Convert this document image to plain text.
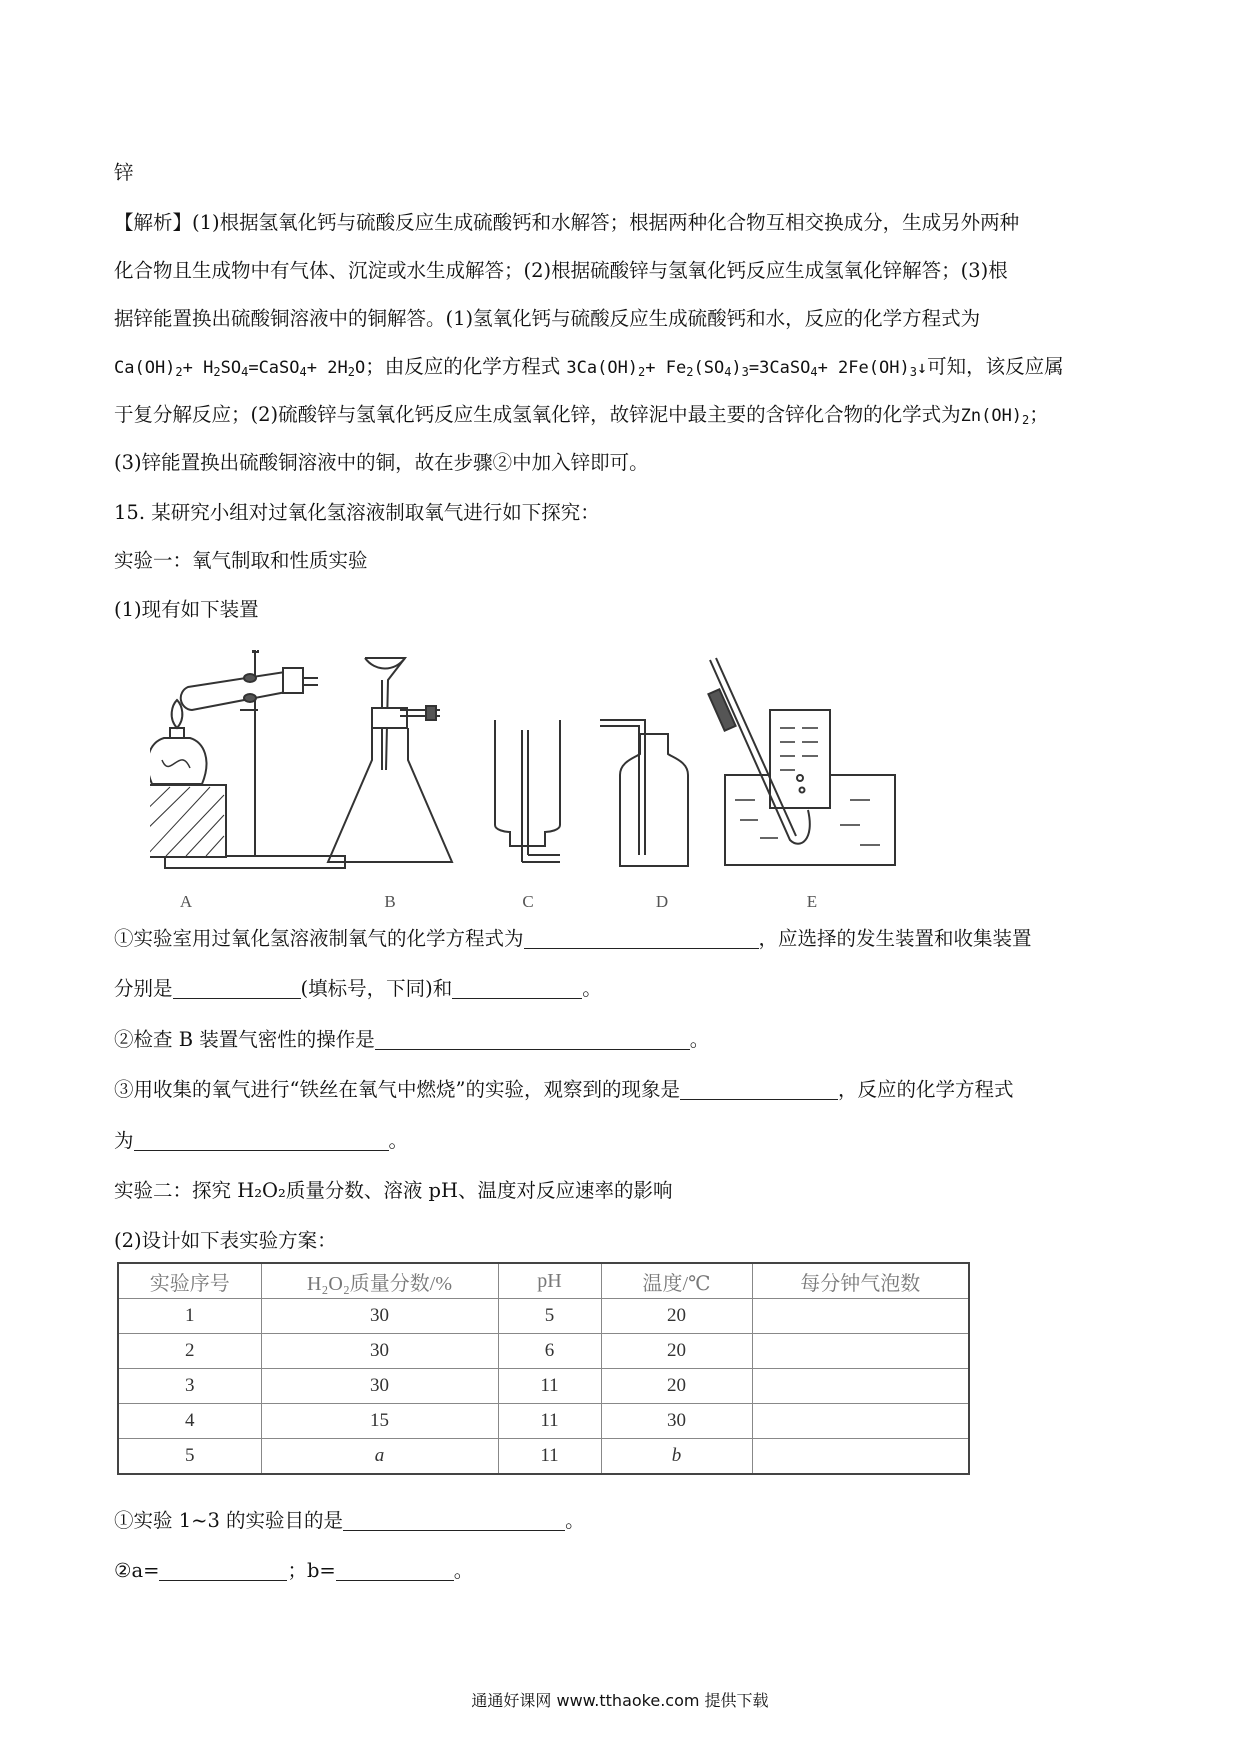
锌
【解析】(1)根据氢氧化钙与硫酸反应生成硫酸钙和水解答；根据两种化合物互相交换成分，生成另外两种
化合物且生成物中有气体、沉淀或水生成解答；(2)根据硫酸锌与氢氧化钙反应生成氢氧化锌解答；(3)根
据锌能置换出硫酸铜溶液中的铜解答。(1)氢氧化钙与硫酸反应生成硫酸钙和水，反应的化学方程式为
$Ca(OH)_2+$ $H_2SO_4=CaSO_4+ 2H_2O$；由反应的化学方程式 $3Ca(OH)_2+$ $Fe_2(SO_4)_3=3CaSO_4+$ $2Fe(OH)_3↓$可知，该反应属
于复分解反应；(2)硫酸锌与氢氧化钙反应生成氢氧化锌，故锌泥中最主要的含锌化合物的化学式为$Zn(OH)_2$；
(3)锌能置换出硫酸铜溶液中的铜，故在步骤②中加入锌即可。
15. 某研究小组对过氧化氢溶液制取氧气进行如下探究：
实验一：氧气制取和性质实验
(1)现有如下装置
A	B	C	D	E
①实验室用过氧化氢溶液制氧气的化学方程式为	，应选择的发生装置和收集装置
分别是	(填标号，下同)和	。
②检查 B 装置气密性的操作是	。
③用收集的氧气进行“铁丝在氧气中燃烧”的实验，观察到的现象是	，反应的化学方程式
为	。
实验二：探究 H₂O₂质量分数、溶液 pH、温度对反应速率的影响
(2)设计如下表实验方案：
实验序号	H₂O₂质量分数/%	pH	温度/℃	每分钟气泡数
1	30	5	20	
2	30	6	20	
3	30	11	20	
4	15	11	30	
5	a	11	b	
①实验 1~3 的实验目的是	。
②a=	；b=	。
通通好课网 www.tthaoke.com 提供下载
